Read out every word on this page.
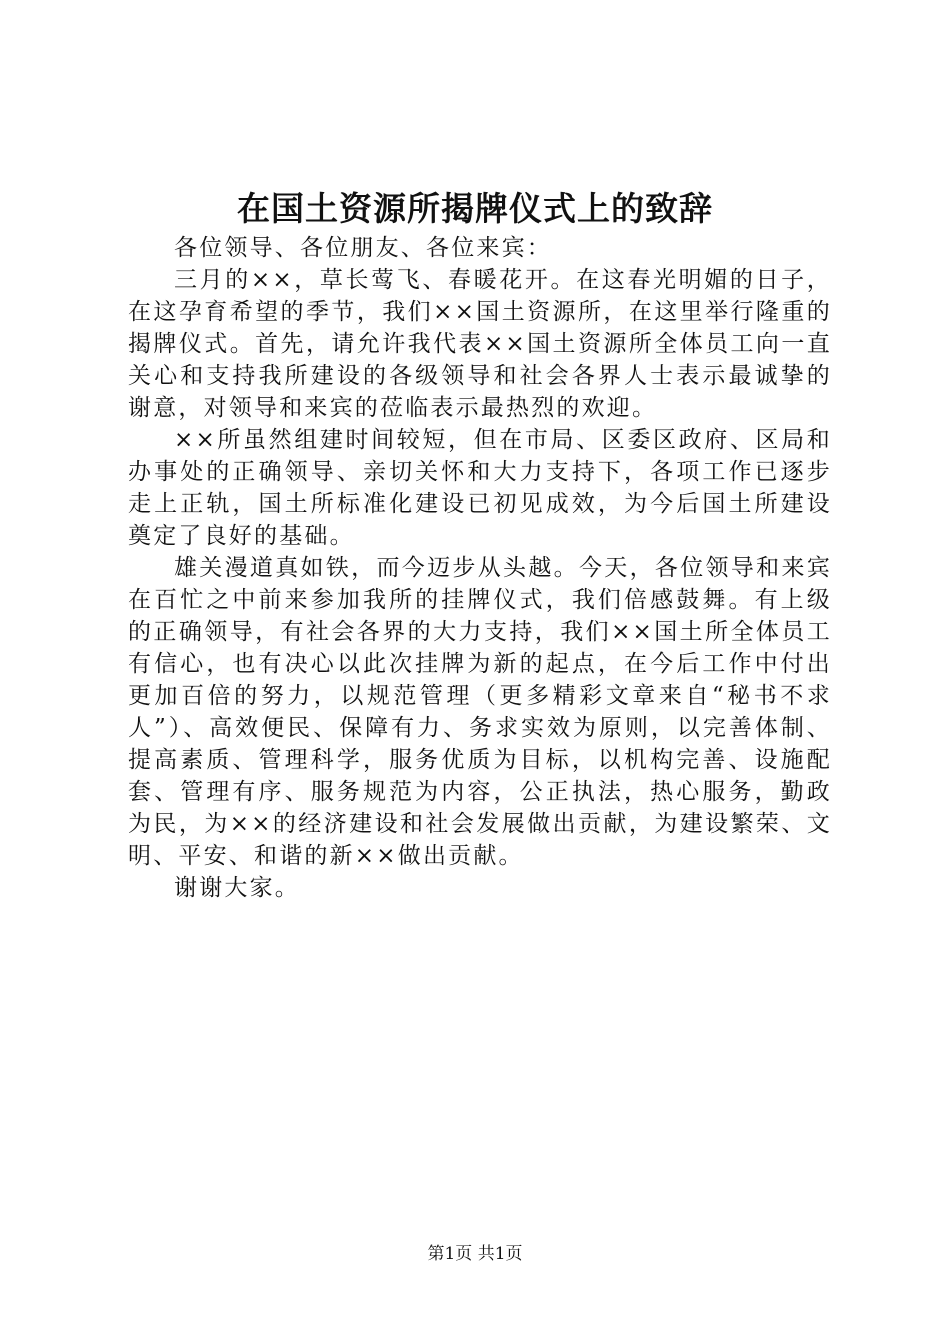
在国土资源所揭牌仪式上的致辞

各位领导、各位朋友、各位来宾：

三月的××，草长莺飞、春暖花开。在这春光明媚的日子，在这孕育希望的季节，我们××国土资源所，在这里举行隆重的揭牌仪式。首先，请允许我代表××国土资源所全体员工向一直关心和支持我所建设的各级领导和社会各界人士表示最诚挚的谢意，对领导和来宾的莅临表示最热烈的欢迎。

××所虽然组建时间较短，但在市局、区委区政府、区局和办事处的正确领导、亲切关怀和大力支持下，各项工作已逐步走上正轨，国土所标准化建设已初见成效，为今后国土所建设奠定了良好的基础。

雄关漫道真如铁，而今迈步从头越。今天，各位领导和来宾在百忙之中前来参加我所的挂牌仪式，我们倍感鼓舞。有上级的正确领导，有社会各界的大力支持，我们××国土所全体员工有信心，也有决心以此次挂牌为新的起点，在今后工作中付出更加百倍的努力，以规范管理（更多精彩文章来自“秘书不求人”）、高效便民、保障有力、务求实效为原则，以完善体制、提高素质、管理科学，服务优质为目标，以机构完善、设施配套、管理有序、服务规范为内容，公正执法，热心服务，勤政为民，为××的经济建设和社会发展做出贡献，为建设繁荣、文明、平安、和谐的新××做出贡献。

谢谢大家。

第1页 共1页
